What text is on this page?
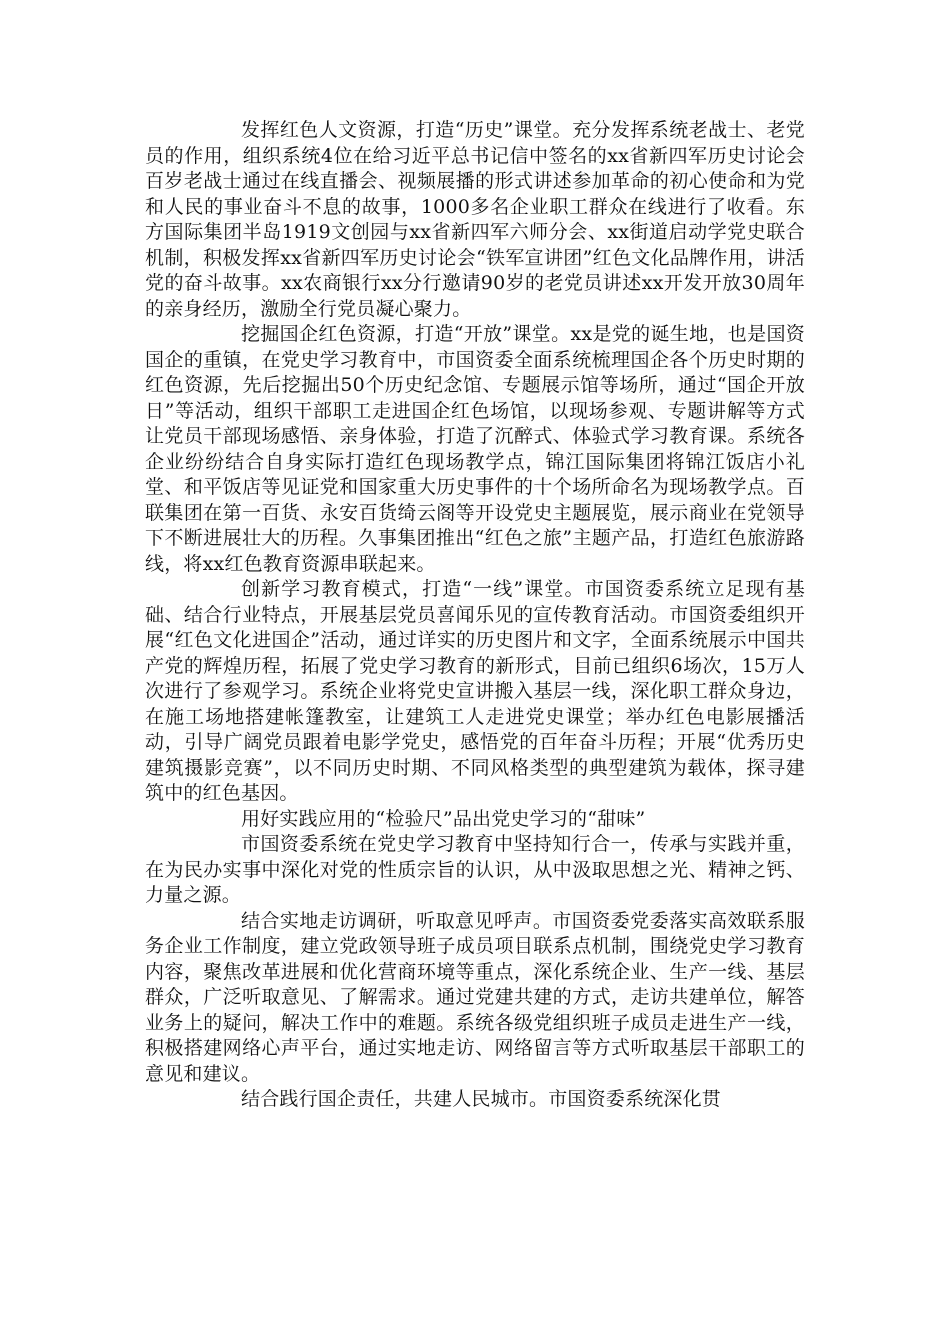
发挥红色人文资源，打造“历史”课堂。充分发挥系统老战士、老党员的作用，组织系统4位在给习近平总书记信中签名的xx省新四军历史讨论会百岁老战士通过在线直播会、视频展播的形式讲述参加革命的初心使命和为党和人民的事业奋斗不息的故事，1000多名企业职工群众在线进行了收看。东方国际集团半岛1919文创园与xx省新四军六师分会、xx街道启动学党史联合机制，积极发挥xx省新四军历史讨论会“铁军宣讲团”红色文化品牌作用，讲活党的奋斗故事。xx农商银行xx分行邀请90岁的老党员讲述xx开发开放30周年的亲身经历，激励全行党员凝心聚力。

挖掘国企红色资源，打造“开放”课堂。xx是党的诞生地，也是国资国企的重镇，在党史学习教育中，市国资委全面系统梳理国企各个历史时期的红色资源，先后挖掘出50个历史纪念馆、专题展示馆等场所，通过“国企开放日”等活动，组织干部职工走进国企红色场馆，以现场参观、专题讲解等方式让党员干部现场感悟、亲身体验，打造了沉醉式、体验式学习教育课。系统各企业纷纷结合自身实际打造红色现场教学点，锦江国际集团将锦江饭店小礼堂、和平饭店等见证党和国家重大历史事件的十个场所命名为现场教学点。百联集团在第一百货、永安百货绮云阁等开设党史主题展览，展示商业在党领导下不断进展壮大的历程。久事集团推出“红色之旅”主题产品，打造红色旅游路线，将xx红色教育资源串联起来。

创新学习教育模式，打造“一线”课堂。市国资委系统立足现有基础、结合行业特点，开展基层党员喜闻乐见的宣传教育活动。市国资委组织开展“红色文化进国企”活动，通过详实的历史图片和文字，全面系统展示中国共产党的辉煌历程，拓展了党史学习教育的新形式，目前已组织6场次，15万人次进行了参观学习。系统企业将党史宣讲搬入基层一线，深化职工群众身边，在施工场地搭建帐篷教室，让建筑工人走进党史课堂；举办红色电影展播活动，引导广阔党员跟着电影学党史，感悟党的百年奋斗历程；开展“优秀历史建筑摄影竞赛”，以不同历史时期、不同风格类型的典型建筑为载体，探寻建筑中的红色基因。

用好实践应用的“检验尺”品出党史学习的“甜味”

市国资委系统在党史学习教育中坚持知行合一，传承与实践并重，在为民办实事中深化对党的性质宗旨的认识，从中汲取思想之光、精神之钙、力量之源。

结合实地走访调研，听取意见呼声。市国资委党委落实高效联系服务企业工作制度，建立党政领导班子成员项目联系点机制，围绕党史学习教育内容，聚焦改革进展和优化营商环境等重点，深化系统企业、生产一线、基层群众，广泛听取意见、了解需求。通过党建共建的方式，走访共建单位，解答业务上的疑问，解决工作中的难题。系统各级党组织班子成员走进生产一线，积极搭建网络心声平台，通过实地走访、网络留言等方式听取基层干部职工的意见和建议。

结合践行国企责任，共建人民城市。市国资委系统深化贯
